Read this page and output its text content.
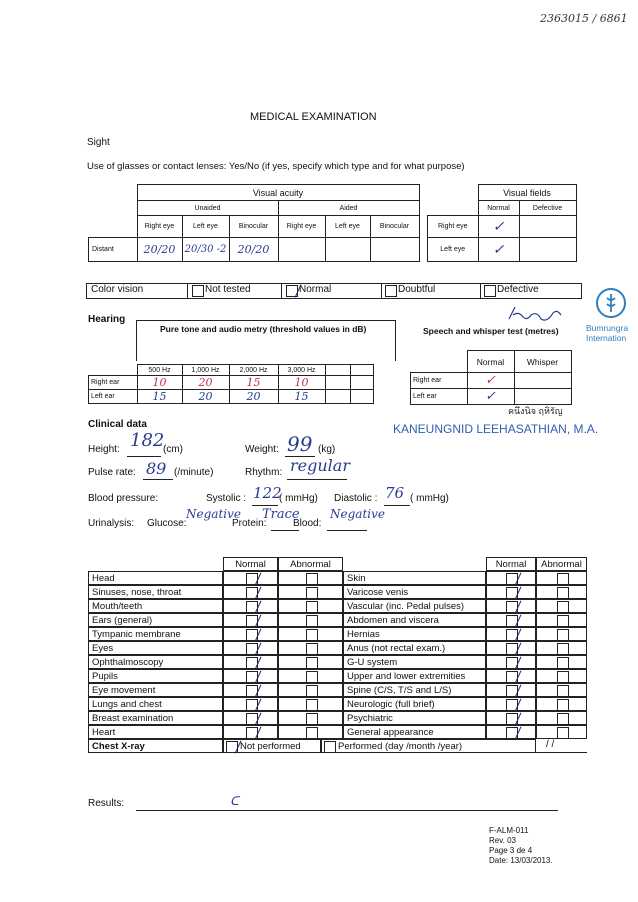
2363015 / 6861
MEDICAL EXAMINATION
Sight
Use of glasses or contact lenses: Yes/No (if yes, specify which type and for what purpose)
	Visual acuity					
	Unaided			Aided		
	Right eye	Left eye	Binocular	Right eye	Left eye	Binocular
Distant	20/20	20/30 -2	20/20			
	Visual fields	
	Normal	Defective
Right eye	✓	
Left eye	✓	
Color vision	Not tested	Normal	Doubtful	Defective
Bumrungra
Internation
Hearing
Pure tone and audio metry (threshold values in dB)	Speech and whisper test (metres)
	500 Hz	1,000 Hz	2,000 Hz	3,000 Hz		
Right ear	10	20	15	10		
Left ear	15	20	20	15		
	Normal	Whisper
Right ear	✓	
Left ear	✓	
คนึงนิจ ฤหิรัญ
KANEUNGNID LEEHASATHIAN, M.A.
Clinical data
Height: 182
(cm)	Weight: 99 (kg)
Pulse rate: 89 (/minute)	Rhythm: regular
Blood pressure:	Systolic : 122
( mmHg) Diastolic : 76 ( mmHg)
Urinalysis: Glucose:
Negative
Protein:
Trace
Blood:
Negative
Normal	Abnormal	Normal	Abnormal
Head	Skin
Sinuses, nose, throat	Varicose venis
Mouth/teeth	Vascular (inc. Pedal pulses)
Ears (general)	Abdomen and viscera
Tympanic membrane	Hernias
Eyes	Anus (not rectal exam.)
Ophthalmoscopy	G-U system
Pupils	Upper and lower extremities
Eye movement	Spine (C/S, T/S and L/S)
Lungs and chest	Neurologic (full brief)
Breast examination	Psychiatric
Heart	General appearance
Chest X-ray	Not performed	Performed (day /month /year)	/ /
Results:	ᑕ
F-ALM-011
Rev. 03
Page 3 de 4
Date: 13/03/2013.
